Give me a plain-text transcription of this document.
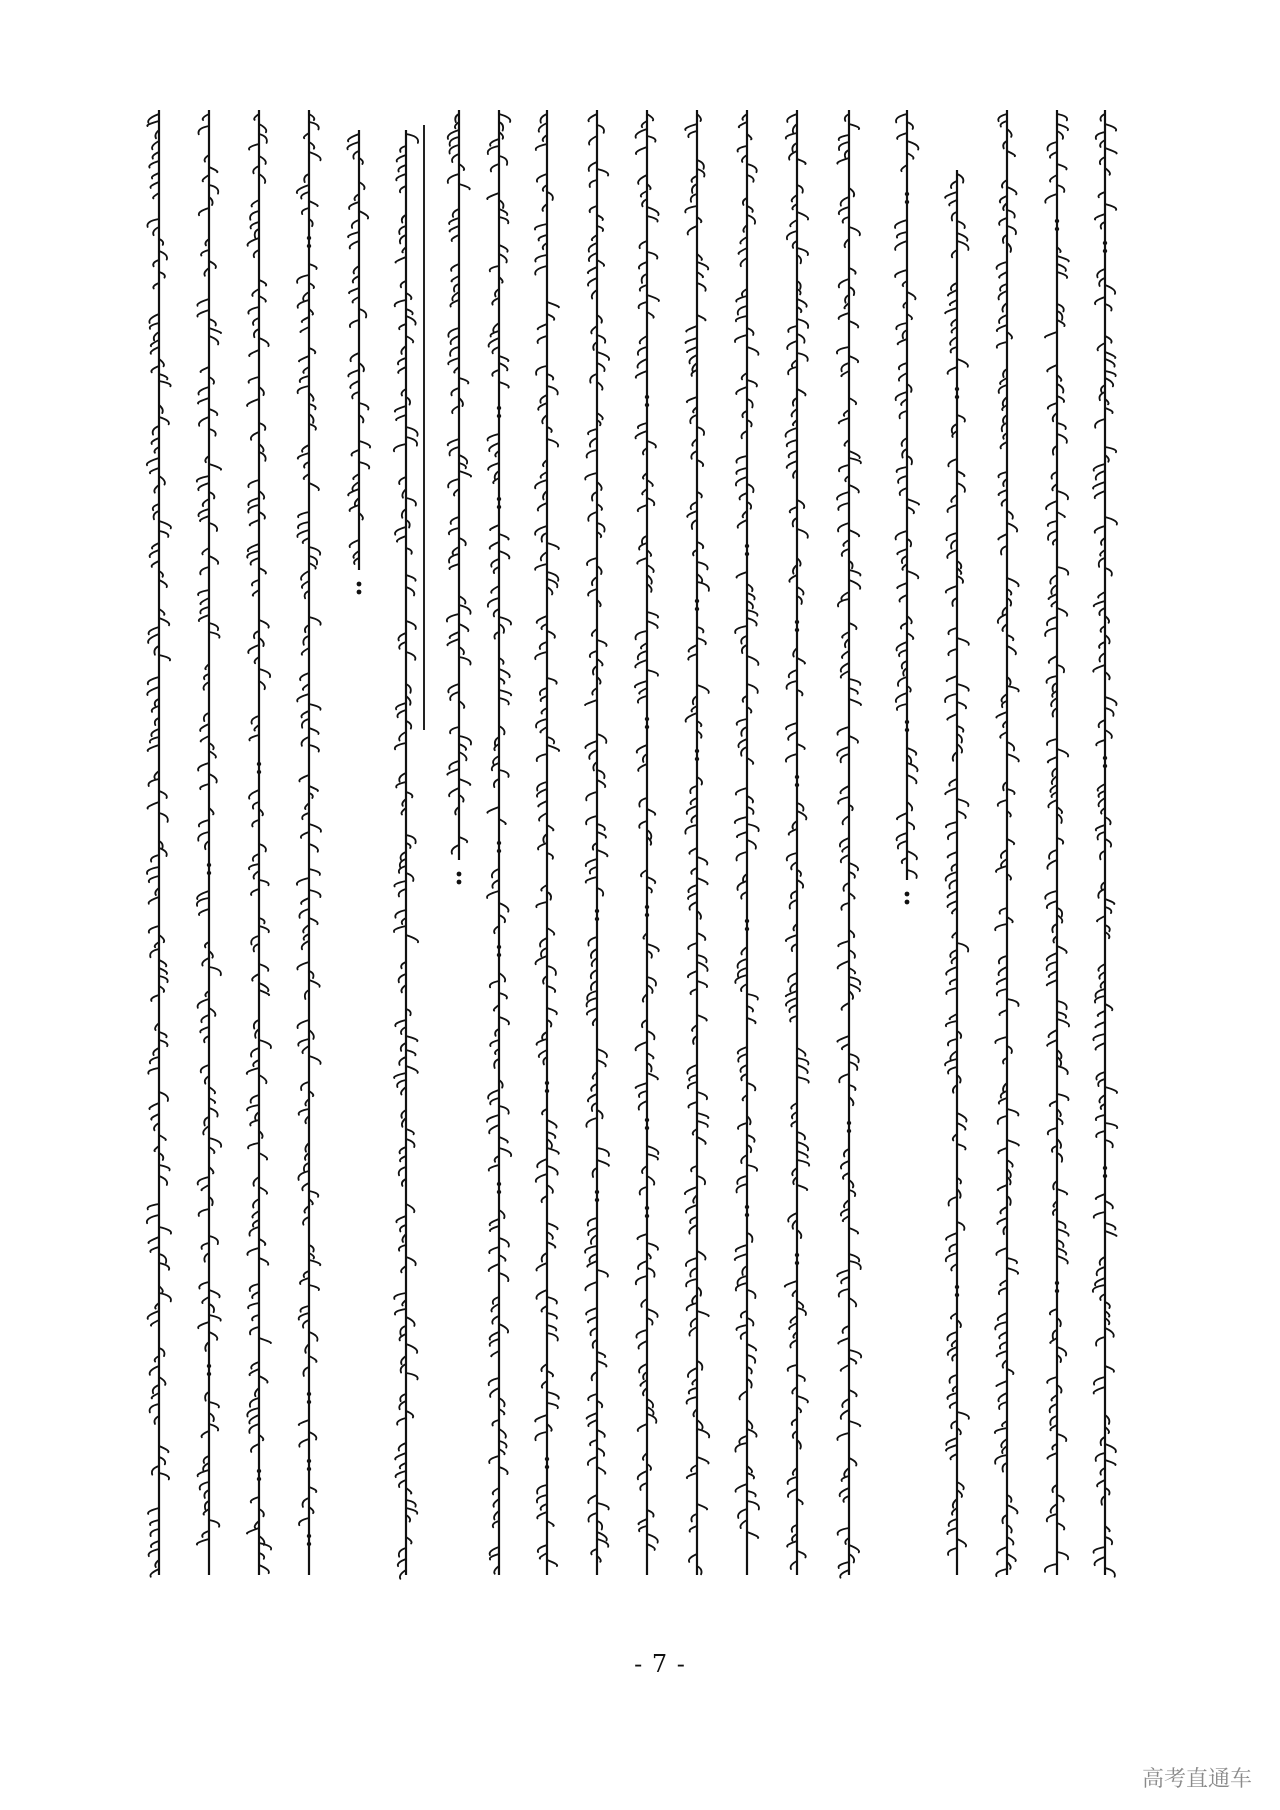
- 7 -
高考直通车
